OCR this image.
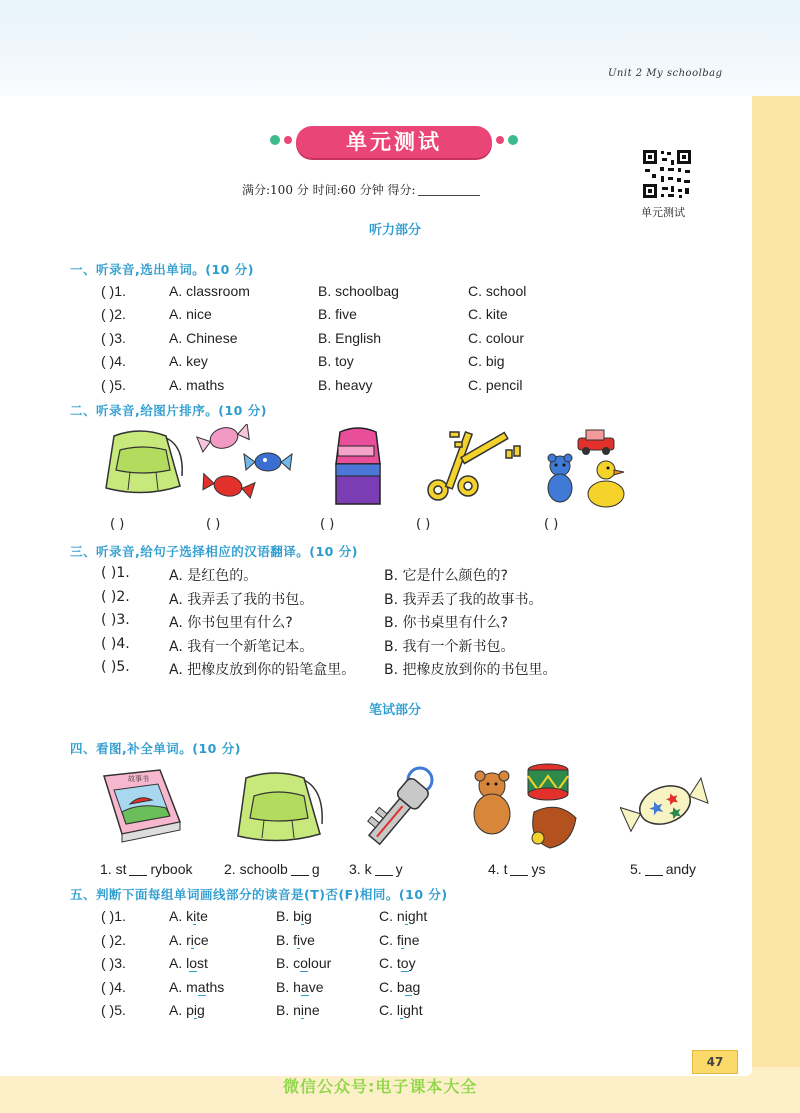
Unit 2 My schoolbag
单元测试
满分:100 分 时间:60 分钟 得分:
单元测试
听力部分
一、听录音,选出单词。(10 分)
( )1.	A. classroom	B. schoolbag	C. school
( )2.	A. nice	B. five	C. kite
( )3.	A. Chinese	B. English	C. colour
( )4.	A. key	B. toy	C. big
( )5.	A. maths	B. heavy	C. pencil
二、听录音,给图片排序。(10 分)
( )	( )	( )	( )	( )
三、听录音,给句子选择相应的汉语翻译。(10 分)
( )1.	A. 是红色的。	B. 它是什么颜色的?
( )2.	A. 我弄丢了我的书包。	B. 我弄丢了我的故事书。
( )3.	A. 你书包里有什么?	B. 你书桌里有什么?
( )4.	A. 我有一个新笔记本。	B. 我有一个新书包。
( )5.	A. 把橡皮放到你的铅笔盒里。 B. 把橡皮放到你的书包里。
笔试部分
四、看图,补全单词。(10 分)
故事书
1. st rybook 2. schoolb g 3. k y	4. t ys	5. andy
五、判断下面每组单词画线部分的读音是(T)否(F)相同。(10 分)
( )1.	A. kite	B. big	C. night
( )2.	A. rice	B. five	C. fine
( )3.	A. lost	B. colour	C. toy
( )4.	A. maths	B. have	C. bag
( )5.	A. pig	B. nine	C. light
47
微信公众号:电子课本大全
